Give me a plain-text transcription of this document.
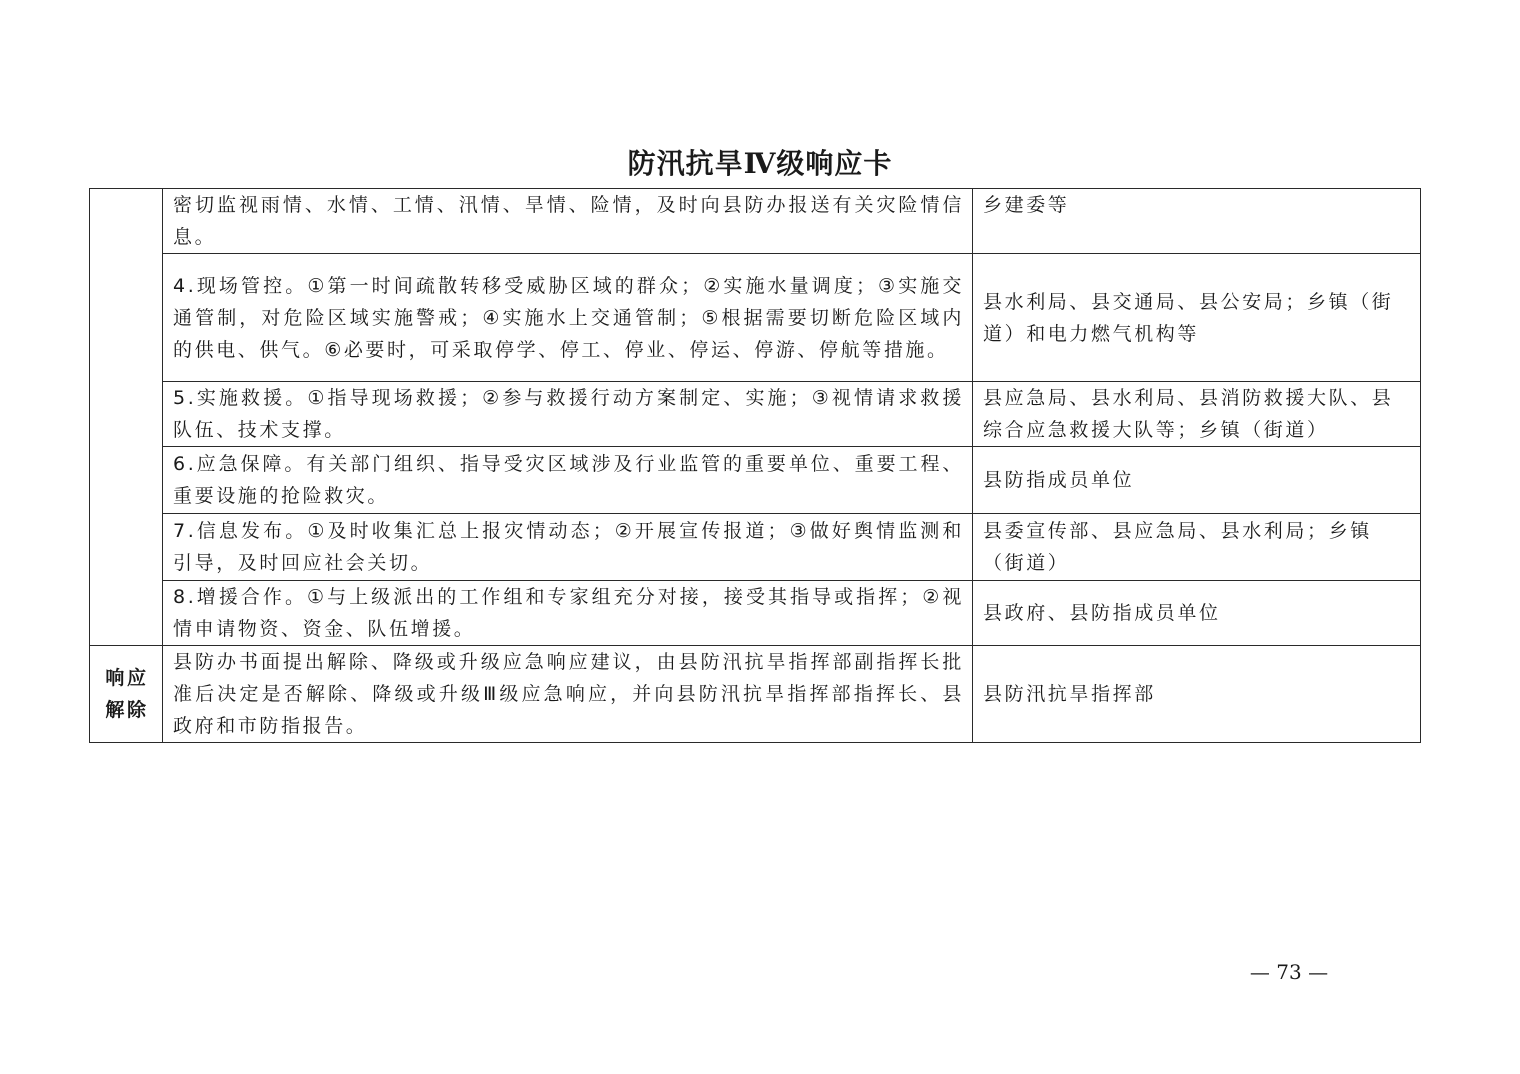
防汛抗旱Ⅳ级响应卡
	密切监视雨情、水情、工情、汛情、旱情、险情，及时向县防办报送有关灾险情信息。	乡建委等
	4.现场管控。①第一时间疏散转移受威胁区域的群众；②实施水量调度；③实施交通管制，对危险区域实施警戒；④实施水上交通管制；⑤根据需要切断危险区域内的供电、供气。⑥必要时，可采取停学、停工、停业、停运、停游、停航等措施。	县水利局、县交通局、县公安局；乡镇（街道）和电力燃气机构等
	5.实施救援。①指导现场救援；②参与救援行动方案制定、实施；③视情请求救援队伍、技术支撑。	县应急局、县水利局、县消防救援大队、县综合应急救援大队等；乡镇（街道）
	6.应急保障。有关部门组织、指导受灾区域涉及行业监管的重要单位、重要工程、重要设施的抢险救灾。	县防指成员单位
	7.信息发布。①及时收集汇总上报灾情动态；②开展宣传报道；③做好舆情监测和引导，及时回应社会关切。	县委宣传部、县应急局、县水利局；乡镇（街道）
	8.增援合作。①与上级派出的工作组和专家组充分对接，接受其指导或指挥；②视情申请物资、资金、队伍增援。	县政府、县防指成员单位

响应解除	县防办书面提出解除、降级或升级应急响应建议，由县防汛抗旱指挥部副指挥长批准后决定是否解除、降级或升级Ⅲ级应急响应，并向县防汛抗旱指挥部指挥长、县政府和市防指报告。	县防汛抗旱指挥部
— 73 —
